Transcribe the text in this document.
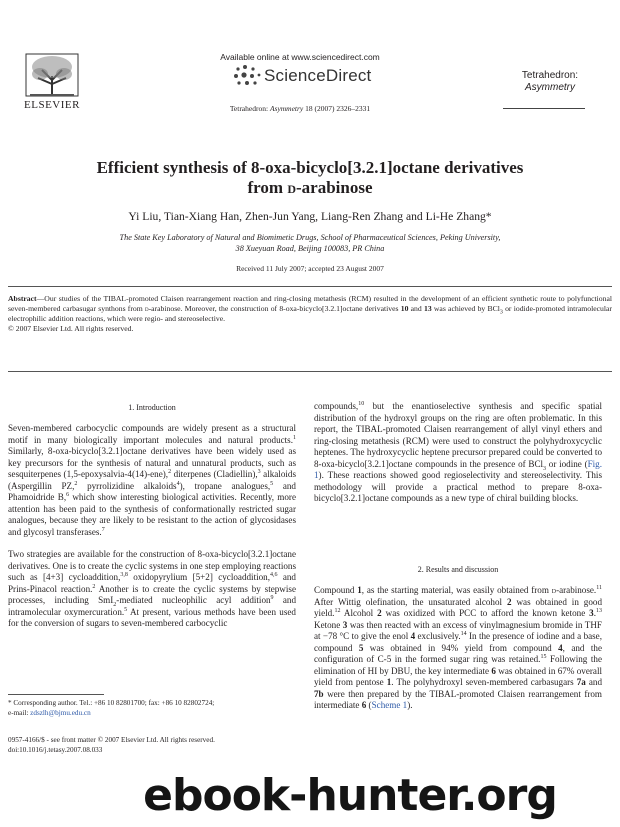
ELSEVIER
Available online at www.sciencedirect.com
ScienceDirect
Tetrahedron: Asymmetry 18 (2007) 2326–2331
Tetrahedron:
Asymmetry
Efficient synthesis of 8-oxa-bicyclo[3.2.1]octane derivatives
from d-arabinose
Yi Liu, Tian-Xiang Han, Zhen-Jun Yang, Liang-Ren Zhang and Li-He Zhang*
The State Key Laboratory of Natural and Biomimetic Drugs, School of Pharmaceutical Sciences, Peking University,
38 Xueyuan Road, Beijing 100083, PR China
Received 11 July 2007; accepted 23 August 2007
Abstract—Our studies of the TIBAL-promoted Claisen rearrangement reaction and ring-closing metathesis (RCM) resulted in the development of an efficient synthetic route to polyfunctional seven-membered carbasugar synthons from d-arabinose. Moreover, the construction of 8-oxa-bicyclo[3.2.1]octane derivatives 10 and 13 was achieved by BCl$_3$ or iodide-promoted intramolecular electrophilic addition reactions, which were regio- and stereoselective.
© 2007 Elsevier Ltd. All rights reserved.
1. Introduction

Seven-membered carbocyclic compounds are widely present as a structural motif in many biologically important molecules and natural products.$^1$ Similarly, 8-oxa-bicyclo[3.2.1]octane derivatives have been widely used as key precursors for the synthesis of natural and unnatural products, such as sesquiterpenes (1,5-epoxysalvia-4(14)-ene),$^2$ diterpenes (Cladiellin),$^3$ alkaloids (Aspergillin PZ,$^2$ pyrrolizidine alkaloids$^4$), tropane analogues,$^5$ and Phamoidride B,$^6$ which show interesting biological activities. Recently, more attention has been paid to the synthesis of conformationally restricted sugar analogues, because they are likely to be resistant to the action of glycosidases and glycosyl transferases.$^7$

Two strategies are available for the construction of 8-oxa-bicyclo[3.2.1]octane derivatives. One is to create the cyclic systems in one step employing reactions such as [4+3] cycloaddition,$^{3,8}$ oxidopyrylium [5+2] cycloaddition,$^{4,6}$ and Prins-Pinacol reaction.$^2$ Another is to create the cyclic systems by stepwise processes, including SmI$_2$-mediated nucleophilic acyl addition$^9$ and intramolecular oxymercuration.$^5$ At present, various methods have been used for the conversion of sugars to seven-membered carbocyclic

* Corresponding author. Tel.: +86 10 82801700; fax: +86 10 82802724;
e-mail: zdszlh@bjmu.edu.cn
0957-4166/$ - see front matter © 2007 Elsevier Ltd. All rights reserved.
doi:10.1016/j.tetasy.2007.08.033

compounds,$^{10}$ but the enantioselective synthesis and specific spatial distribution of the hydroxyl groups on the ring are often problematic. In this report, the TIBAL-promoted Claisen rearrangement of allyl vinyl ethers and ring-closing metathesis (RCM) were used to construct the polyhydroxycyclic heptenes. The hydroxycyclic heptene precursor prepared could be converted to 8-oxa-bicyclo[3.2.1]octane compounds in the presence of BCl$_3$ or iodine (Fig. 1). These reactions showed good regioselectivity and stereoselectivity. This methodology will provide a practical method to prepare 8-oxa-bicyclo[3.2.1]octane compounds as a new type of chiral building blocks.

2. Results and discussion

Compound 1, as the starting material, was easily obtained from d-arabinose.$^{11}$ After Wittig olefination, the unsaturated alcohol 2 was obtained in good yield.$^{12}$ Alcohol 2 was oxidized with PCC to afford the known ketone 3.13 Ketone 3 was then reacted with an excess of vinylmagnesium bromide in THF at −78 °C to give the enol 4 exclusively.$^{14}$ In the presence of iodine and a base, compound 5 was obtained in 94% yield from compound 4, and the configuration of C-5 in the formed sugar ring was retained.$^{15}$ Following the elimination of HI by DBU, the key intermediate 6 was obtained in 67% overall yield from pentose 1. The polyhydroxyl seven-membered carbasugars 7a and 7b were then prepared by the TIBAL-promoted Claisen rearrangement from intermediate 6 (Scheme 1).

ebook-hunter.org
